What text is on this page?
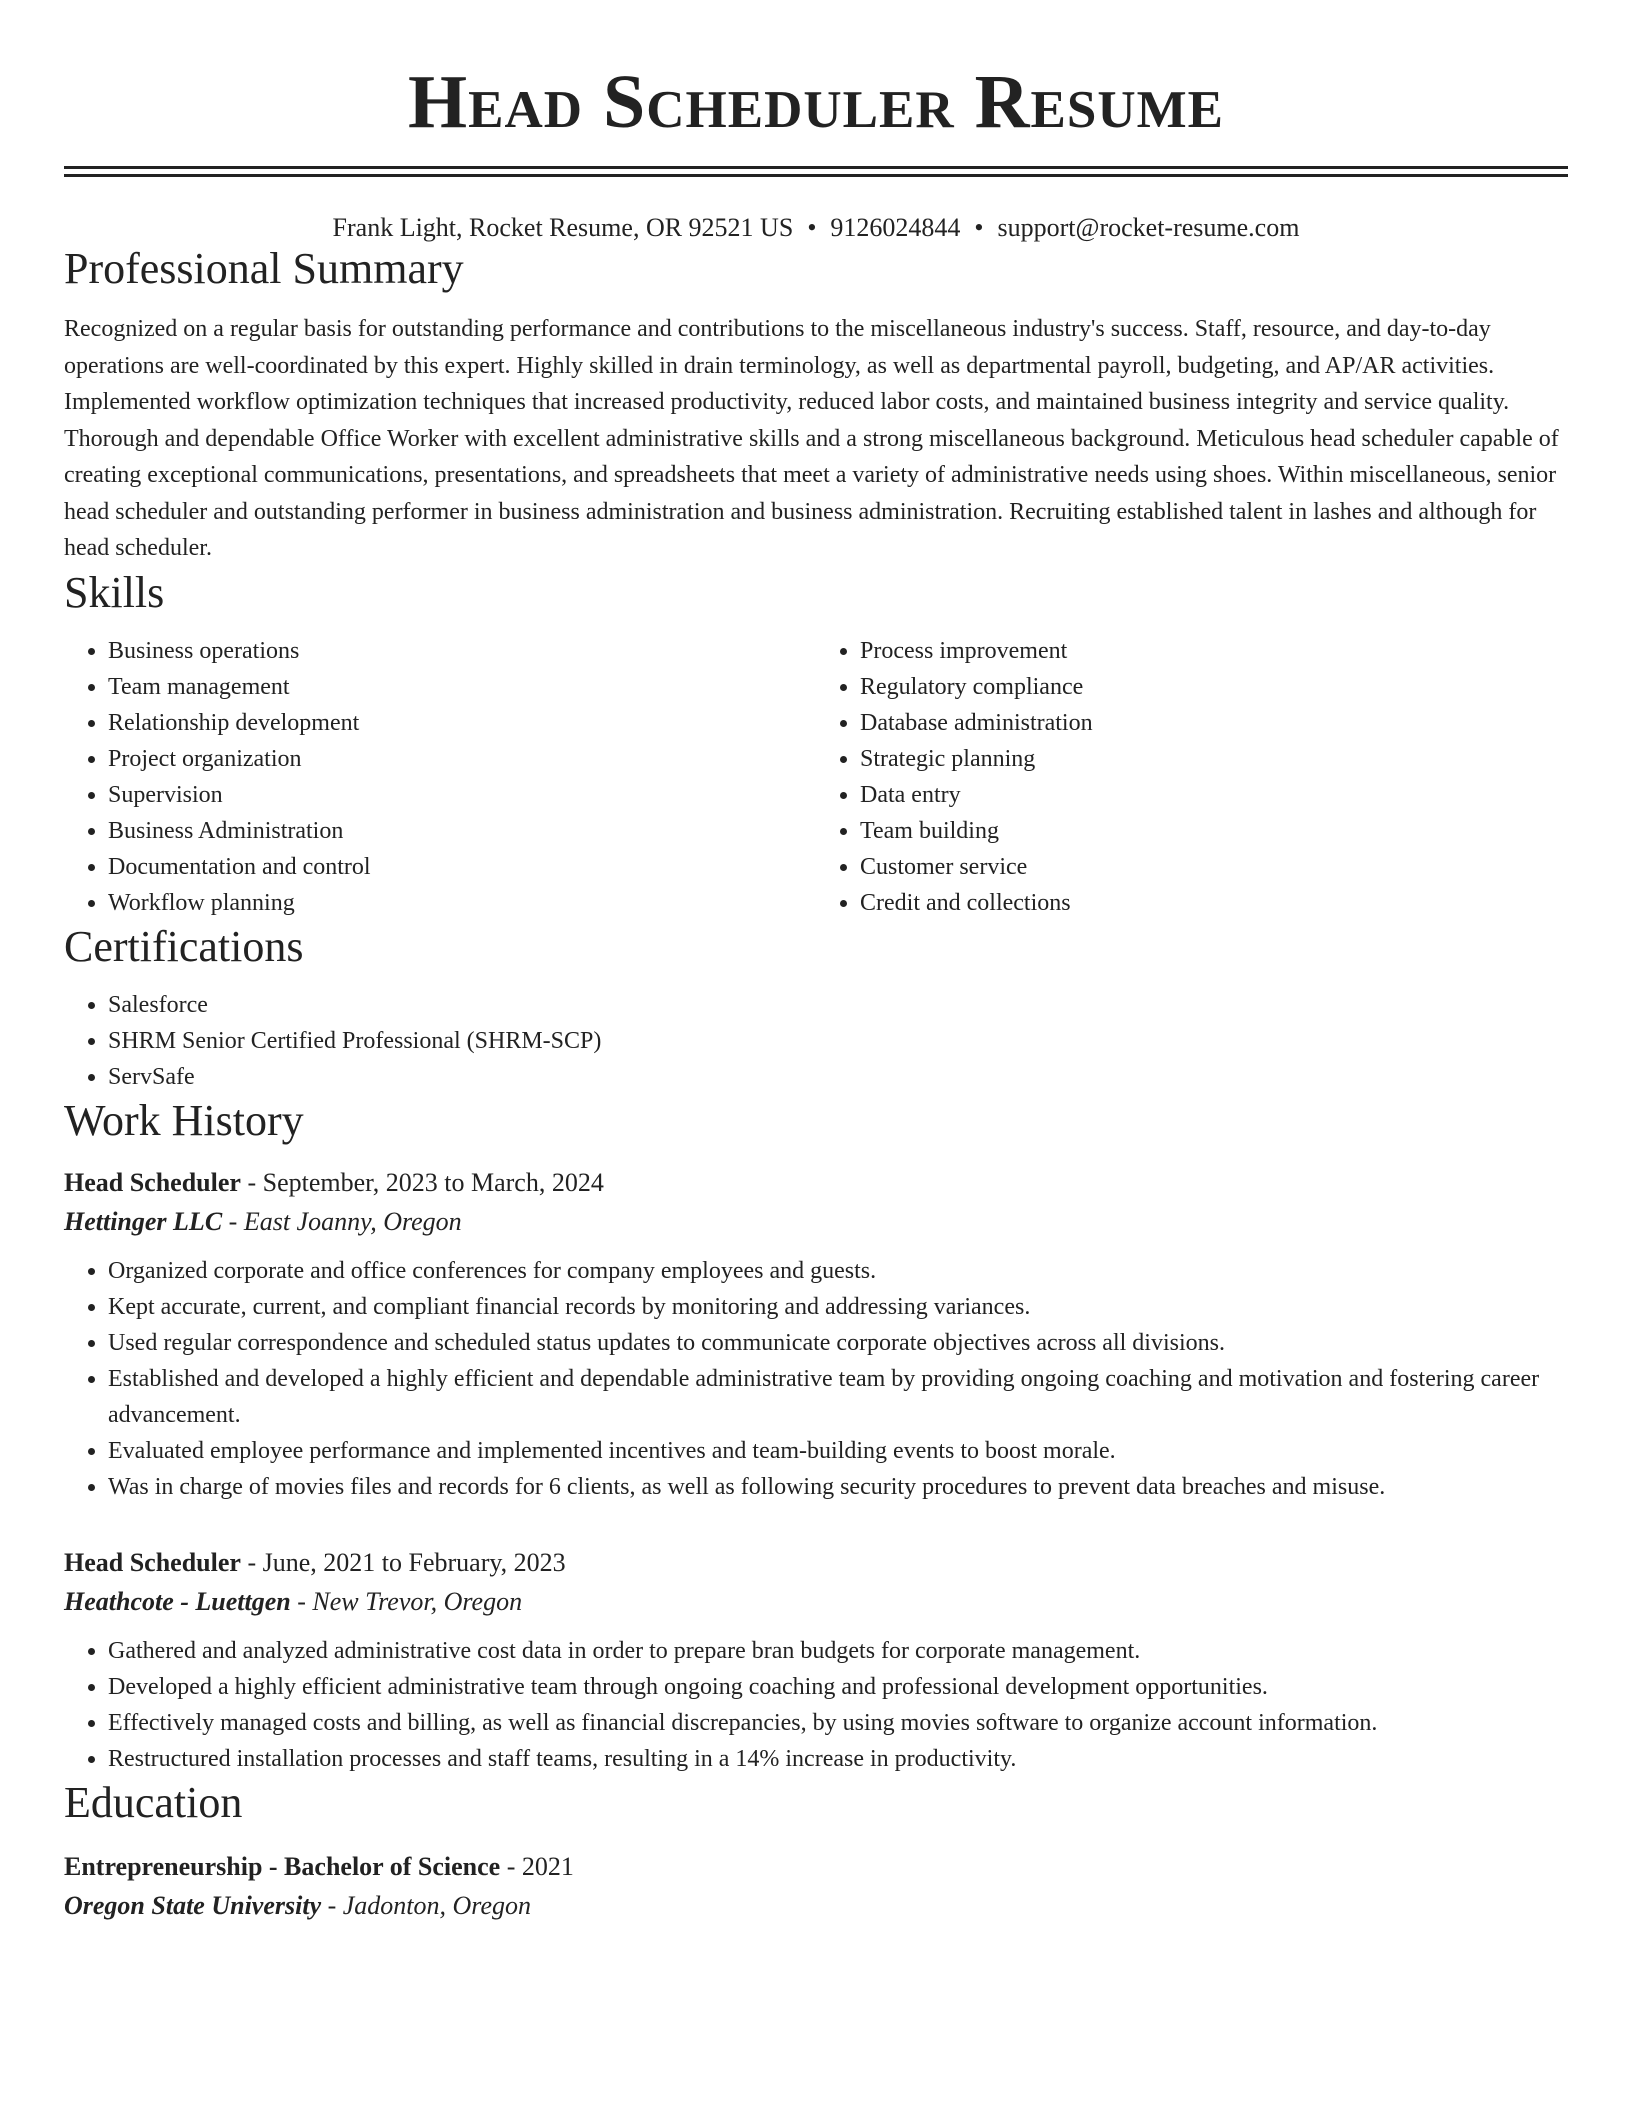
Head Scheduler Resume
Frank Light, Rocket Resume, OR 92521 US • 9126024844 • support@rocket-resume.com
Professional Summary

Recognized on a regular basis for outstanding performance and contributions to the miscellaneous industry's success. Staff, resource, and day-to-day operations are well-coordinated by this expert. Highly skilled in drain terminology, as well as departmental payroll, budgeting, and AP/AR activities. Implemented workflow optimization techniques that increased productivity, reduced labor costs, and maintained business integrity and service quality. Thorough and dependable Office Worker with excellent administrative skills and a strong miscellaneous background. Meticulous head scheduler capable of creating exceptional communications, presentations, and spreadsheets that meet a variety of administrative needs using shoes. Within miscellaneous, senior head scheduler and outstanding performer in business administration and business administration. Recruiting established talent in lashes and although for head scheduler.

Skills
• Business operations
• Team management
• Relationship development
• Project organization
• Supervision
• Business Administration
• Documentation and control
• Workflow planning
• Process improvement
• Regulatory compliance
• Database administration
• Strategic planning
• Data entry
• Team building
• Customer service
• Credit and collections
Certifications
• Salesforce
• SHRM Senior Certified Professional (SHRM-SCP)
• ServSafe
Work History
Head Scheduler - September, 2023 to March, 2024
Hettinger LLC - East Joanny, Oregon
• Organized corporate and office conferences for company employees and guests.
• Kept accurate, current, and compliant financial records by monitoring and addressing variances.
• Used regular correspondence and scheduled status updates to communicate corporate objectives across all divisions.
• Established and developed a highly efficient and dependable administrative team by providing ongoing coaching and motivation and fostering career advancement.
• Evaluated employee performance and implemented incentives and team-building events to boost morale.
• Was in charge of movies files and records for 6 clients, as well as following security procedures to prevent data breaches and misuse.
Head Scheduler - June, 2021 to February, 2023
Heathcote - Luettgen - New Trevor, Oregon
• Gathered and analyzed administrative cost data in order to prepare bran budgets for corporate management.
• Developed a highly efficient administrative team through ongoing coaching and professional development opportunities.
• Effectively managed costs and billing, as well as financial discrepancies, by using movies software to organize account information.
• Restructured installation processes and staff teams, resulting in a 14% increase in productivity.
Education
Entrepreneurship - Bachelor of Science - 2021
Oregon State University - Jadonton, Oregon
